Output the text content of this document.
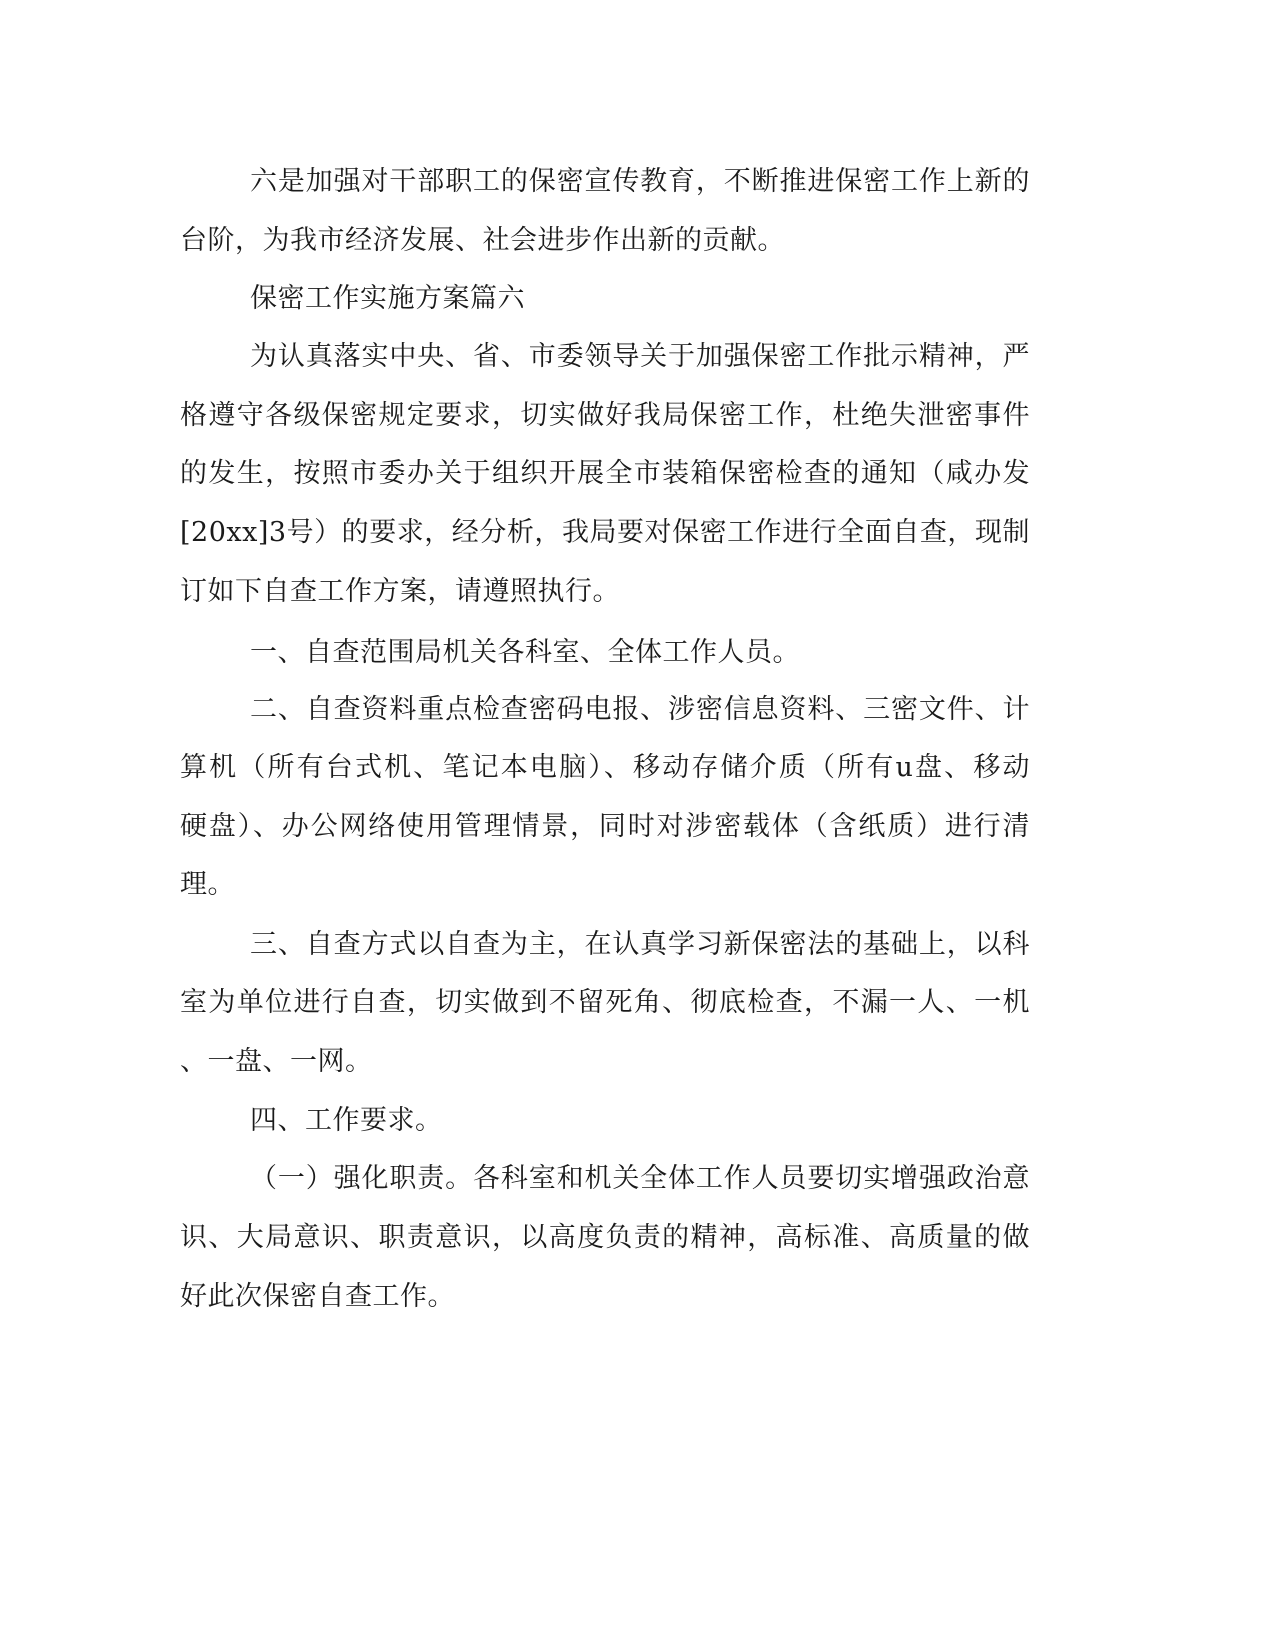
六是加强对干部职工的保密宣传教育，不断推进保密工作上新的
台阶，为我市经济发展、社会进步作出新的贡献。
保密工作实施方案篇六
为认真落实中央、省、市委领导关于加强保密工作批示精神，严
格遵守各级保密规定要求，切实做好我局保密工作，杜绝失泄密事件
的发生，按照市委办关于组织开展全市装箱保密检查的通知（咸办发
[20xx]3号）的要求，经分析，我局要对保密工作进行全面自查，现制
订如下自查工作方案，请遵照执行。
一、自查范围局机关各科室、全体工作人员。
二、自查资料重点检查密码电报、涉密信息资料、三密文件、计
算机（所有台式机、笔记本电脑）、移动存储介质（所有u盘、移动
硬盘）、办公网络使用管理情景，同时对涉密载体（含纸质）进行清
理。
三、自查方式以自查为主，在认真学习新保密法的基础上，以科
室为单位进行自查，切实做到不留死角、彻底检查，不漏一人、一机
、一盘、一网。
四、工作要求。
（一）强化职责。各科室和机关全体工作人员要切实增强政治意
识、大局意识、职责意识，以高度负责的精神，高标准、高质量的做
好此次保密自查工作。
